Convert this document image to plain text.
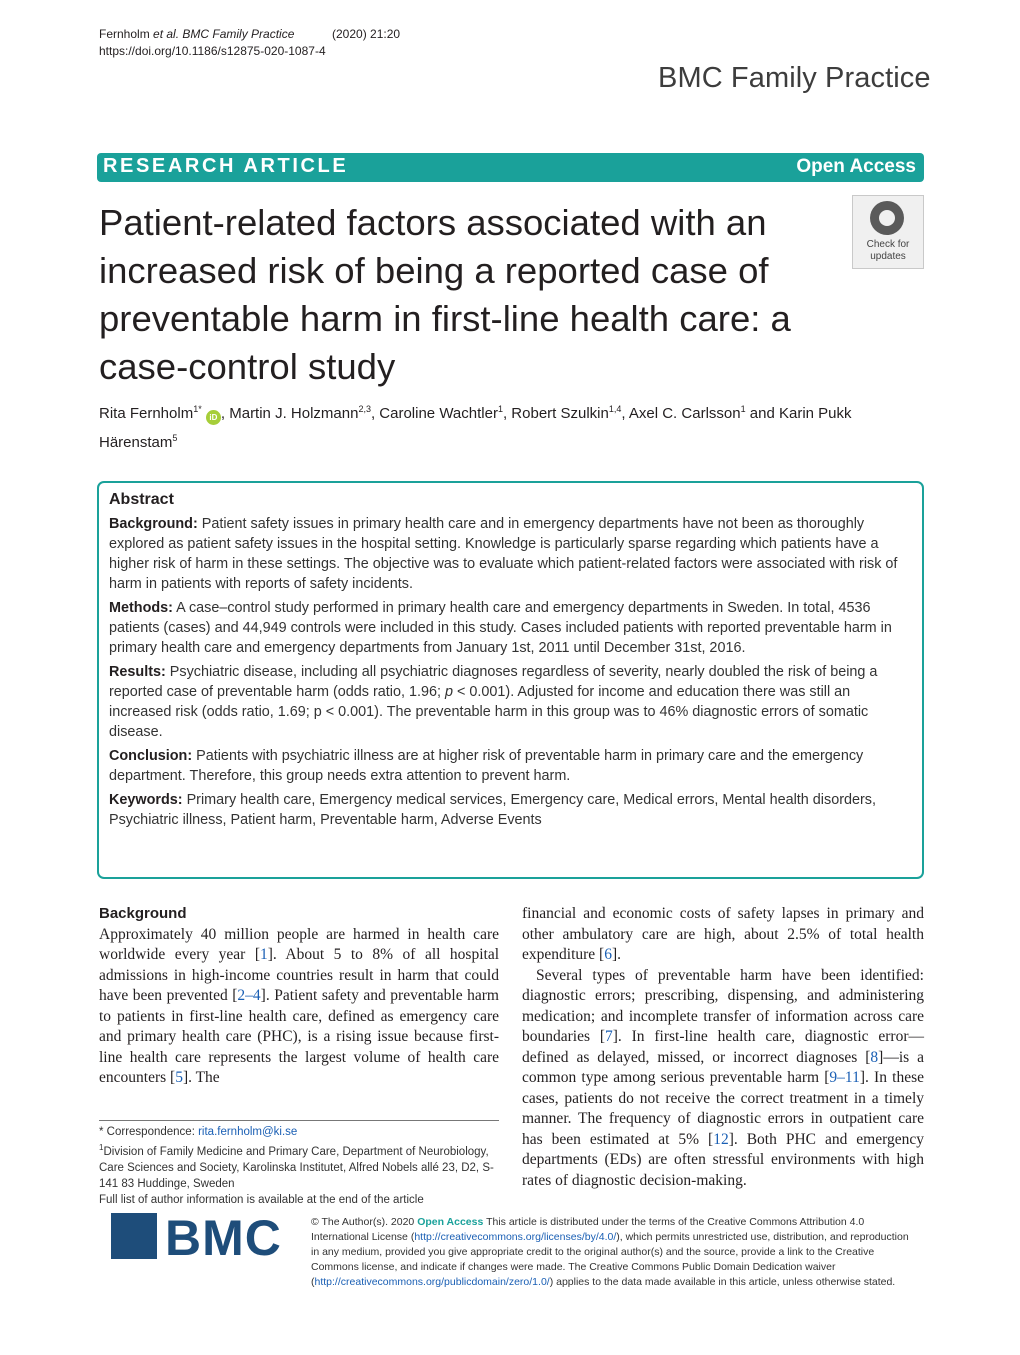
Fernholm et al. BMC Family Practice	(2020) 21:20
https://doi.org/10.1186/s12875-020-1087-4
BMC Family Practice
RESEARCH ARTICLE	Open Access
Patient-related factors associated with an increased risk of being a reported case of preventable harm in first-line health care: a case-control study
Check for
updates
Rita Fernholm$^{1*}$ iD , Martin J. Holzmann$^{2,3}$, Caroline Wachtler$^1$, Robert Szulkin$^{1,4}$, Axel C. Carlsson$^1$ and Karin Pukk Härenstam$^5$
Abstract

Background: Patient safety issues in primary health care and in emergency departments have not been as thoroughly explored as patient safety issues in the hospital setting. Knowledge is particularly sparse regarding which patients have a higher risk of harm in these settings. The objective was to evaluate which patient-related factors were associated with risk of harm in patients with reports of safety incidents.

Methods: A case–control study performed in primary health care and emergency departments in Sweden. In total, 4536 patients (cases) and 44,949 controls were included in this study. Cases included patients with reported preventable harm in primary health care and emergency departments from January 1st, 2011 until December 31st, 2016.

Results: Psychiatric disease, including all psychiatric diagnoses regardless of severity, nearly doubled the risk of being a reported case of preventable harm (odds ratio, 1.96; p < 0.001). Adjusted for income and education there was still an increased risk (odds ratio, 1.69; p < 0.001). The preventable harm in this group was to 46% diagnostic errors of somatic disease.

Conclusion: Patients with psychiatric illness are at higher risk of preventable harm in primary care and the emergency department. Therefore, this group needs extra attention to prevent harm.

Keywords: Primary health care, Emergency medical services, Emergency care, Medical errors, Mental health disorders, Psychiatric illness, Patient harm, Preventable harm, Adverse Events

Background

Approximately 40 million people are harmed in health care worldwide every year [1]. About 5 to 8% of all hospital admissions in high-income countries result in harm that could have been prevented [2–4]. Patient safety and preventable harm to patients in first-line health care, defined as emergency care and primary health care (PHC), is a rising issue because first-line health care represents the largest volume of health care encounters [5]. The

financial and economic costs of safety lapses in primary and other ambulatory care are high, about 2.5% of total health expenditure [6].

Several types of preventable harm have been identified: diagnostic errors; prescribing, dispensing, and administering medication; and incomplete transfer of information across care boundaries [7]. In first-line health care, diagnostic error—defined as delayed, missed, or incorrect diagnoses [8]—is a common type among serious preventable harm [9–11]. In these cases, patients do not receive the correct treatment in a timely manner. The frequency of diagnostic errors in outpatient care has been estimated at 5% [12]. Both PHC and emergency departments (EDs) are often stressful environments with high rates of diagnostic decision-making.

* Correspondence: rita.fernholm@ki.se
$^1$Division of Family Medicine and Primary Care, Department of Neurobiology, Care Sciences and Society, Karolinska Institutet, Alfred Nobels allé 23, D2, S-141 83 Huddinge, Sweden
Full list of author information is available at the end of the article
BMC	© The Author(s). 2020 Open Access This article is distributed under the terms of the Creative Commons Attribution 4.0 International License (http://creativecommons.org/licenses/by/4.0/), which permits unrestricted use, distribution, and reproduction in any medium, provided you give appropriate credit to the original author(s) and the source, provide a link to the Creative Commons license, and indicate if changes were made. The Creative Commons Public Domain Dedication waiver (http://creativecommons.org/publicdomain/zero/1.0/) applies to the data made available in this article, unless otherwise stated.
